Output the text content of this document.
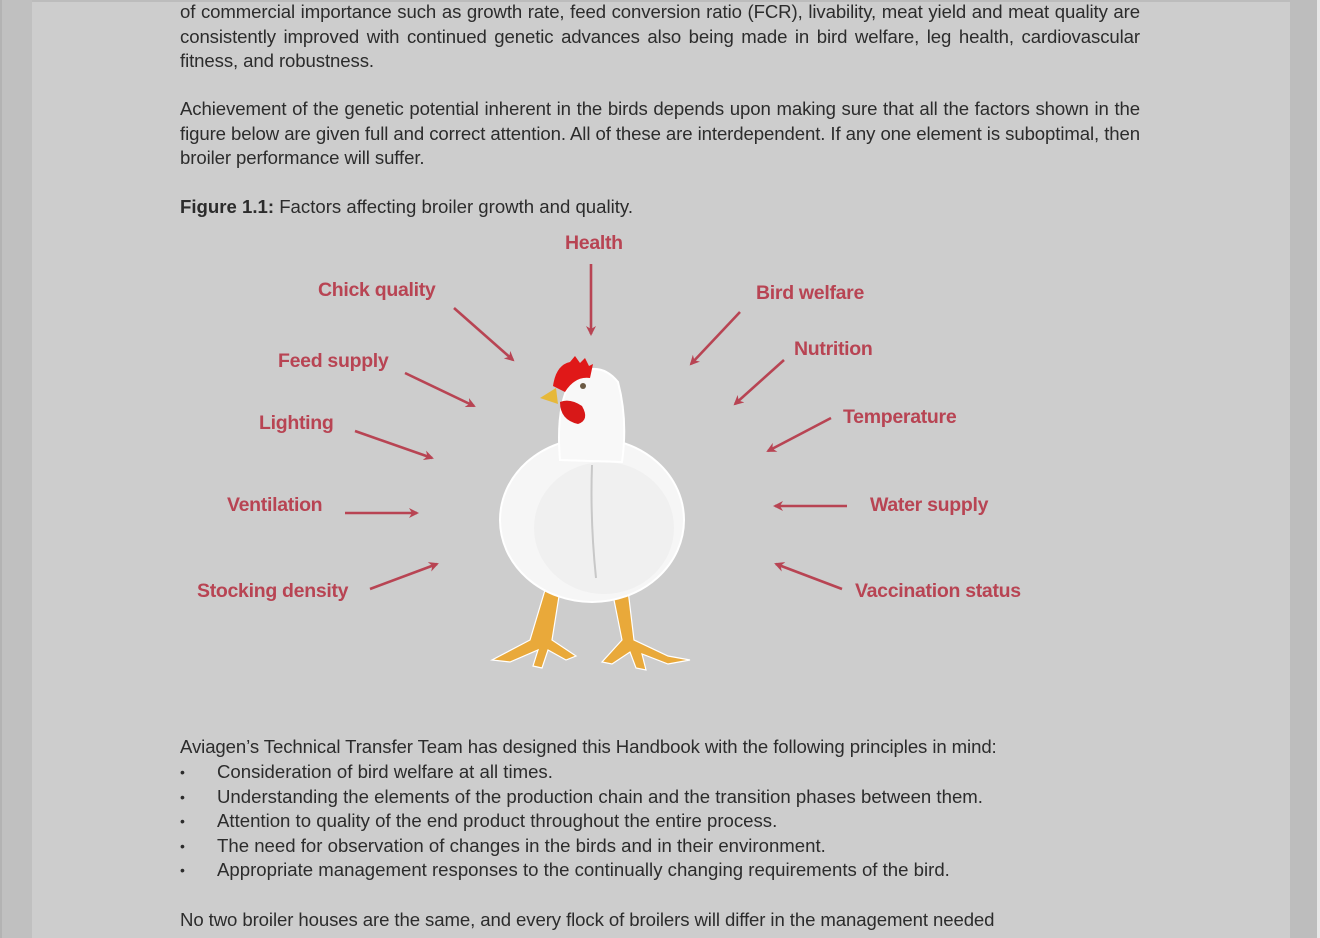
of commercial importance such as growth rate, feed conversion ratio (FCR), livability, meat yield and meat quality are consistently improved with continued genetic advances also being made in bird welfare, leg health, cardiovascular fitness, and robustness.
Achievement of the genetic potential inherent in the birds depends upon making sure that all the factors shown in the figure below are given full and correct attention. All of these are interdependent. If any one element is suboptimal, then broiler performance will suffer.
Figure 1.1: Factors affecting broiler growth and quality.
Health
Chick quality	Bird welfare
Feed supply
Nutrition
Lighting	Temperature
Ventilation	Water supply
Stocking density	Vaccination status
Aviagen’s Technical Transfer Team has designed this Handbook with the following principles in mind:
• Consideration of bird welfare at all times.
• Understanding the elements of the production chain and the transition phases between them.
• Attention to quality of the end product throughout the entire process.
• The need for observation of changes in the birds and in their environment.
• Appropriate management responses to the continually changing requirements of the bird.
No two broiler houses are the same, and every flock of broilers will differ in the management needed
